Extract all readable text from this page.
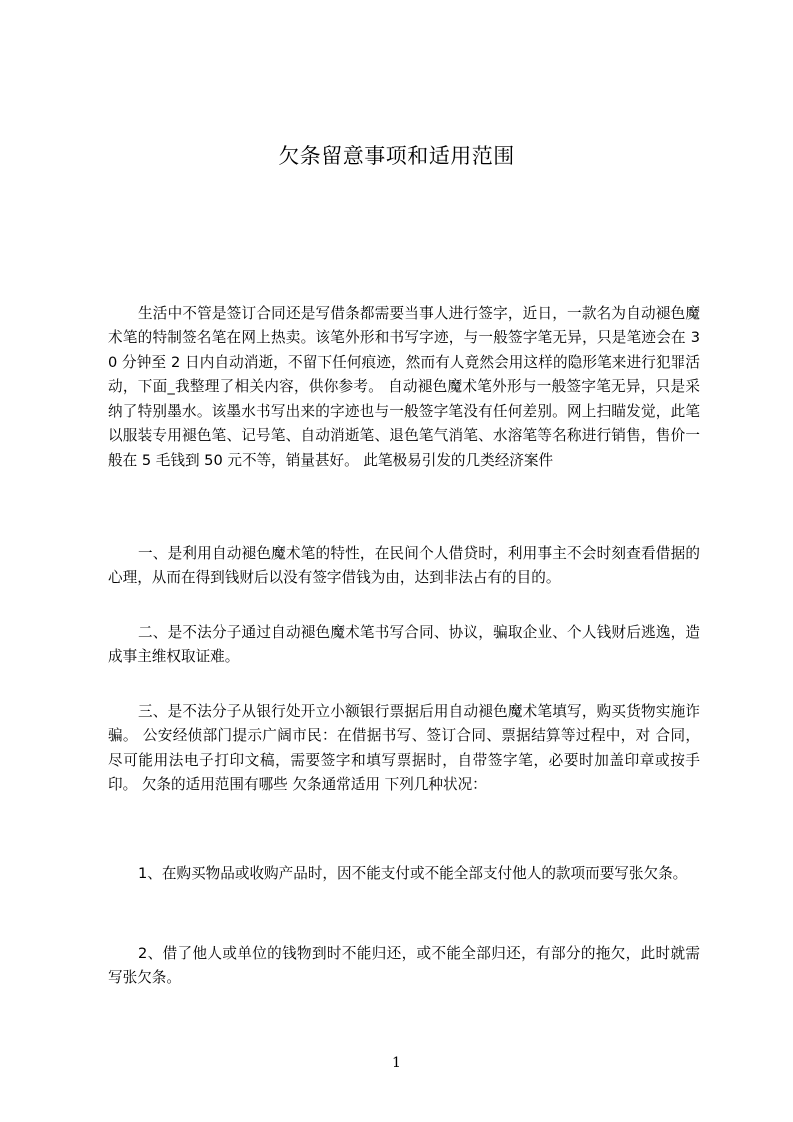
欠条留意事项和适用范围

生活中不管是签订合同还是写借条都需要当事人进行签字，近日，一款名为自动褪色魔术笔的特制签名笔在网上热卖。该笔外形和书写字迹，与一般签字笔无异，只是笔迹会在 30 分钟至 2 日内自动消逝，不留下任何痕迹，然而有人竟然会用这样的隐形笔来进行犯罪活动，下面_我整理了相关内容，供你参考。 自动褪色魔术笔外形与一般签字笔无异，只是采纳了特别墨水。该墨水书写出来的字迹也与一般签字笔没有任何差别。网上扫瞄发觉，此笔以服装专用褪色笔、记号笔、自动消逝笔、退色笔气消笔、水溶笔等名称进行销售，售价一般在 5 毛钱到 50 元不等，销量甚好。 此笔极易引发的几类经济案件

一、是利用自动褪色魔术笔的特性，在民间个人借贷时，利用事主不会时刻查看借据的心理，从而在得到钱财后以没有签字借钱为由，达到非法占有的目的。

二、是不法分子通过自动褪色魔术笔书写合同、协议，骗取企业、个人钱财后逃逸，造成事主维权取证难。

三、是不法分子从银行处开立小额银行票据后用自动褪色魔术笔填写，购买货物实施诈骗。 公安经侦部门提示广阔市民：在借据书写、签订合同、票据结算等过程中，对 合同，尽可能用法电子打印文稿，需要签字和填写票据时，自带签字笔，必要时加盖印章或按手印。 欠条的适用范围有哪些 欠条通常适用 下列几种状况：

1、在购买物品或收购产品时，因不能支付或不能全部支付他人的款项而要写张欠条。

2、借了他人或单位的钱物到时不能归还，或不能全部归还，有部分的拖欠，此时就需写张欠条。

1
